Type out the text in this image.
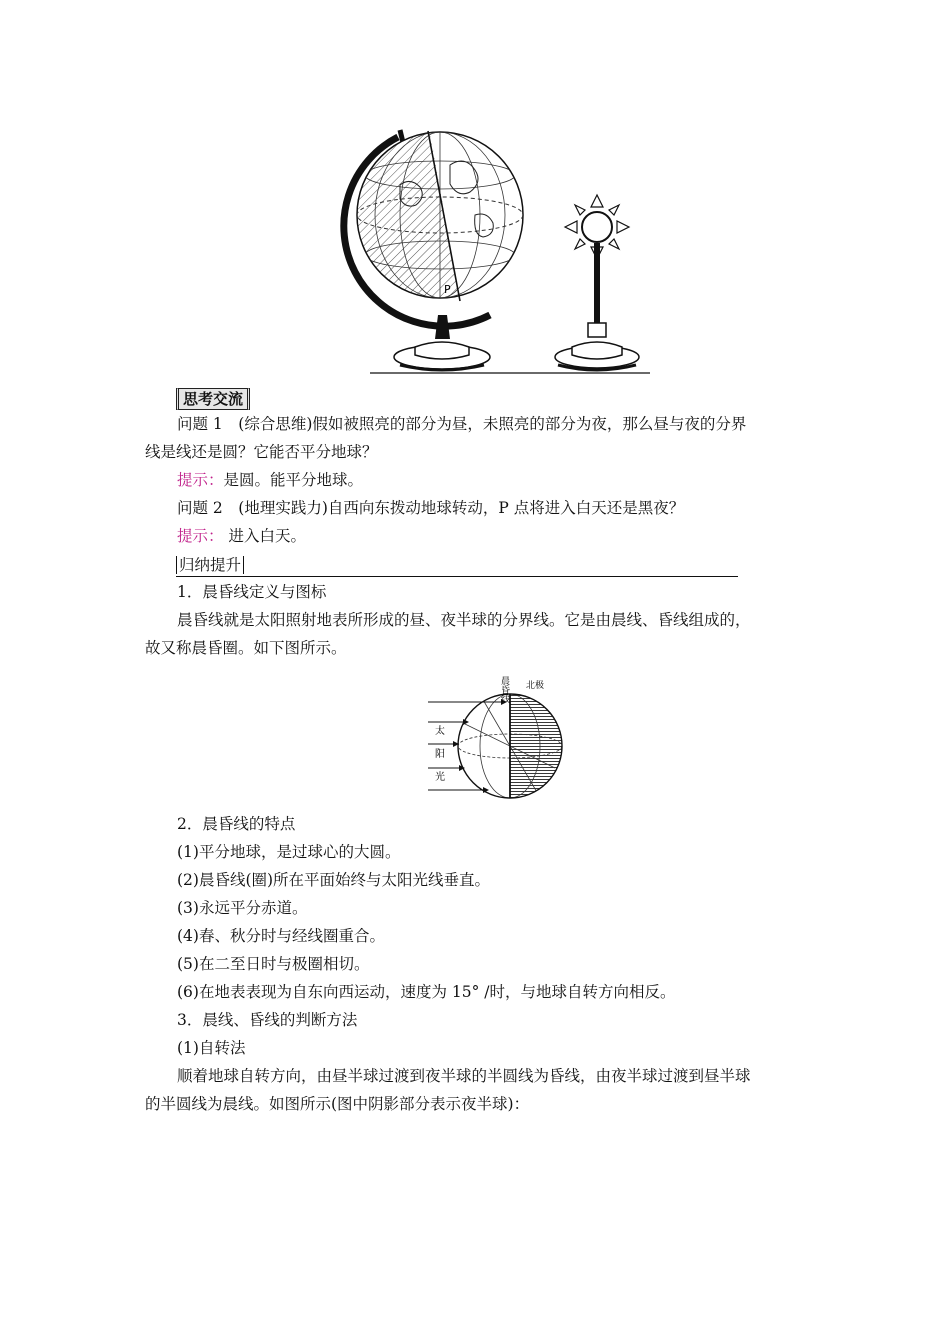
P
思考交流
问题 1　(综合思维)假如被照亮的部分为昼，未照亮的部分为夜，那么昼与夜的分界
线是线还是圆？它能否平分地球？
提示：是圆。能平分地球。
问题 2　(地理实践力)自西向东拨动地球转动，P 点将进入白天还是黑夜？
提示： 进入白天。
归纳提升
1．晨昏线定义与图标
晨昏线就是太阳照射地表所形成的昼、夜半球的分界线。它是由晨线、昏线组成的，
故又称晨昏圈。如下图所示。
太
阳
光
晨昏线 北极
2．晨昏线的特点
(1)平分地球，是过球心的大圆。
(2)晨昏线(圈)所在平面始终与太阳光线垂直。
(3)永远平分赤道。
(4)春、秋分时与经线圈重合。
(5)在二至日时与极圈相切。
(6)在地表表现为自东向西运动，速度为 15° /时，与地球自转方向相反。
3．晨线、昏线的判断方法
(1)自转法
顺着地球自转方向，由昼半球过渡到夜半球的半圆线为昏线，由夜半球过渡到昼半球
的半圆线为晨线。如图所示(图中阴影部分表示夜半球)：
